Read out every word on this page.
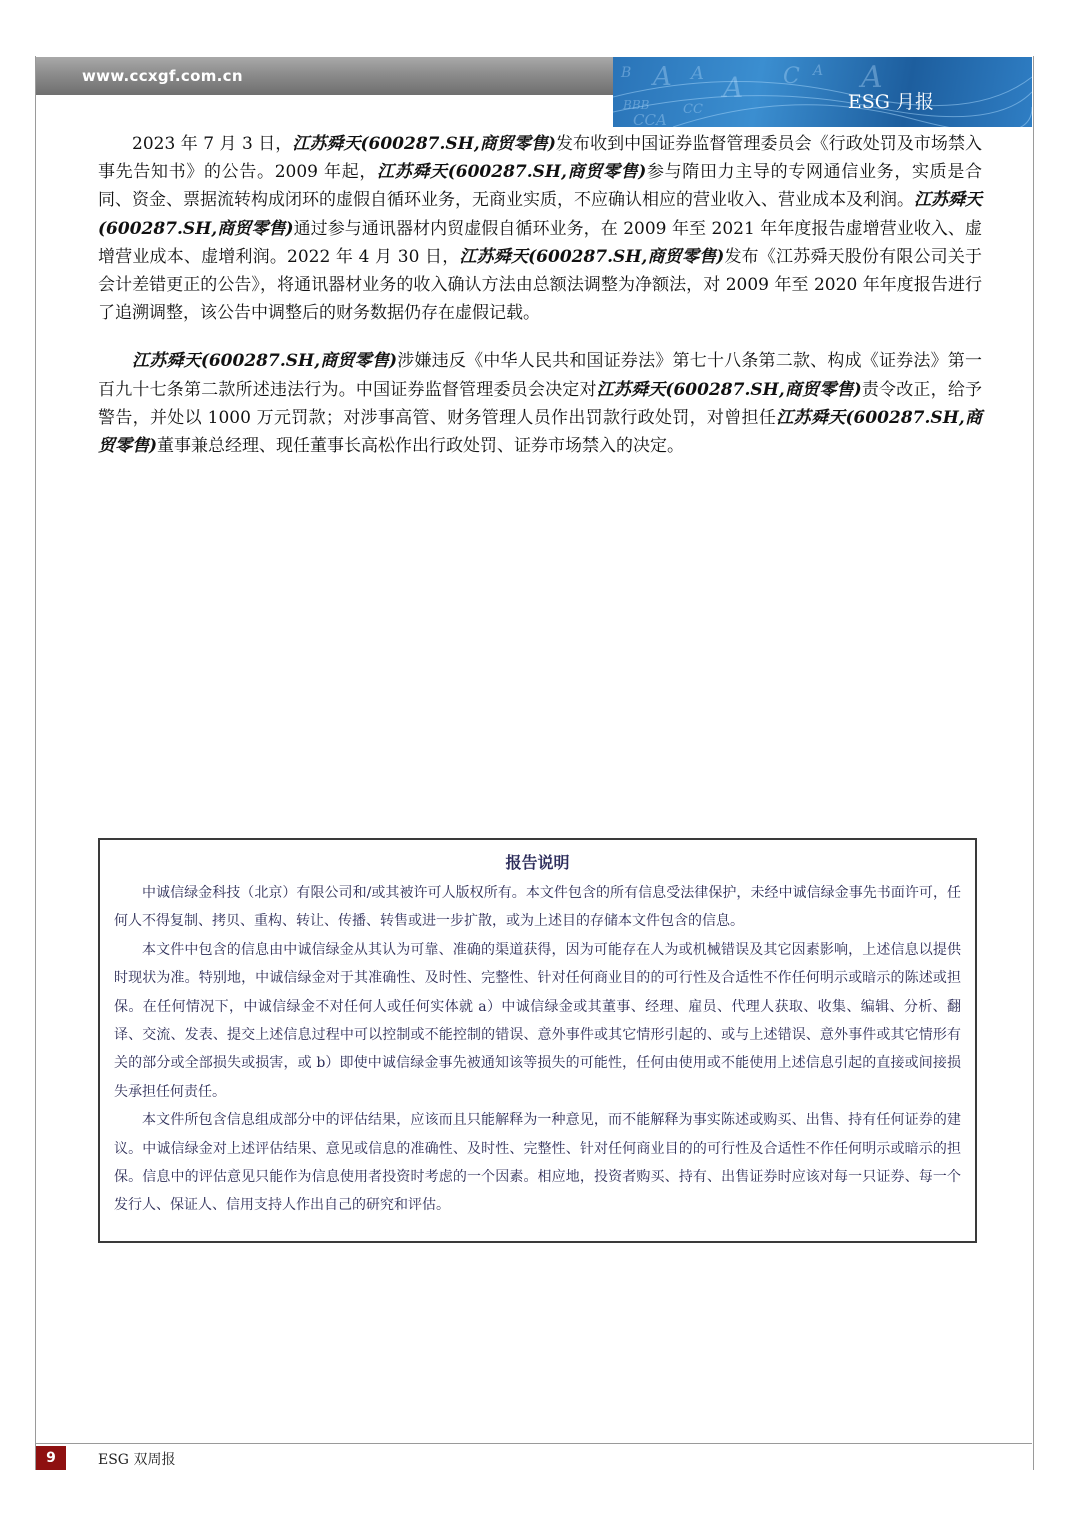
www.ccxgf.com.cn	B A A A C A A
BBB	CC
CCA
ESG 月报

2023 年 7 月 3 日，江苏舜天(600287.SH,商贸零售)发布收到中国证券监督管理委员会《行政处罚及市场禁入事先告知书》的公告。2009 年起，江苏舜天(600287.SH,商贸零售)参与隋田力主导的专网通信业务，实质是合同、资金、票据流转构成闭环的虚假自循环业务，无商业实质，不应确认相应的营业收入、营业成本及利润。江苏舜天(600287.SH,商贸零售)通过参与通讯器材内贸虚假自循环业务，在 2009 年至 2021 年年度报告虚增营业收入、虚增营业成本、虚增利润。2022 年 4 月 30 日，江苏舜天(600287.SH,商贸零售)发布《江苏舜天股份有限公司关于会计差错更正的公告》，将通讯器材业务的收入确认方法由总额法调整为净额法，对 2009 年至 2020 年年度报告进行了追溯调整，该公告中调整后的财务数据仍存在虚假记载。

江苏舜天(600287.SH,商贸零售)涉嫌违反《中华人民共和国证券法》第七十八条第二款、构成《证券法》第一百九十七条第二款所述违法行为。中国证券监督管理委员会决定对江苏舜天(600287.SH,商贸零售)责令改正，给予警告，并处以 1000 万元罚款；对涉事高管、财务管理人员作出罚款行政处罚，对曾担任江苏舜天(600287.SH,商贸零售)董事兼总经理、现任董事长高松作出行政处罚、证券市场禁入的决定。

报告说明

中诚信绿金科技（北京）有限公司和/或其被许可人版权所有。本文件包含的所有信息受法律保护，未经中诚信绿金事先书面许可，任何人不得复制、拷贝、重构、转让、传播、转售或进一步扩散，或为上述目的存储本文件包含的信息。

本文件中包含的信息由中诚信绿金从其认为可靠、准确的渠道获得，因为可能存在人为或机械错误及其它因素影响，上述信息以提供时现状为准。特别地，中诚信绿金对于其准确性、及时性、完整性、针对任何商业目的的可行性及合适性不作任何明示或暗示的陈述或担保。在任何情况下，中诚信绿金不对任何人或任何实体就 a）中诚信绿金或其董事、经理、雇员、代理人获取、收集、编辑、分析、翻译、交流、发表、提交上述信息过程中可以控制或不能控制的错误、意外事件或其它情形引起的、或与上述错误、意外事件或其它情形有关的部分或全部损失或损害，或 b）即使中诚信绿金事先被通知该等损失的可能性，任何由使用或不能使用上述信息引起的直接或间接损失承担任何责任。

本文件所包含信息组成部分中的评估结果，应该而且只能解释为一种意见，而不能解释为事实陈述或购买、出售、持有任何证券的建议。中诚信绿金对上述评估结果、意见或信息的准确性、及时性、完整性、针对任何商业目的的可行性及合适性不作任何明示或暗示的担保。信息中的评估意见只能作为信息使用者投资时考虑的一个因素。相应地，投资者购买、持有、出售证券时应该对每一只证券、每一个发行人、保证人、信用支持人作出自己的研究和评估。

9	ESG 双周报
